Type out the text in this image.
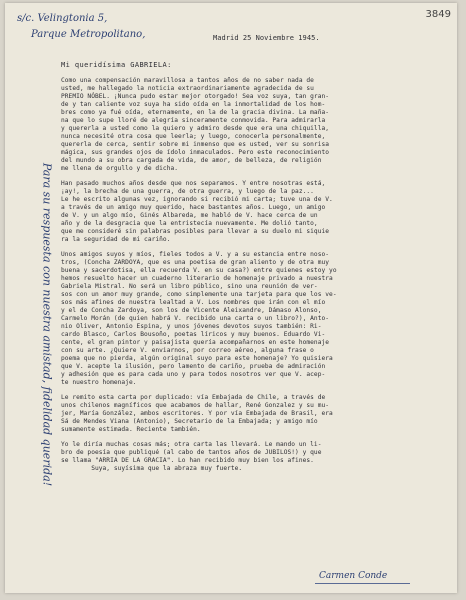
3849
s/c. Velingtonia 5,
Parque Metropolitano,	Madrid 25 Noviembre 1945.
Mi queridísima GABRIELA:
Como una compensación maravillosa a tantos años de no saber nada de
usted, me hallegado la noticia extraordinariamente agradecida de su
PREMIO NÓBEL. ¡Nunca pudo estar mejor otorgado! Sea voz suya, tan gran-
de y tan caliente voz suya ha sido oída en la inmortalidad de los hom-
bres como ya fué oída, eternamente, en la de la gracia divina. La maña-
na que lo supe lloré de alegría sinceramente conmovida. Para admirarla
y quererla a usted como la quiero y admiro desde que era una chiquilla,
nunca necesité otra cosa que leerla; y luego, conocerla personalmente,
quererla de cerca, sentir sobre mi inmenso que es usted, ver su sonrisa
mágica, sus grandes ojos de ídolo inmaculados. Pero este reconocimiento
del mundo a su obra cargada de vida, de amor, de belleza, de religión
me llena de orgullo y de dicha.
Han pasado muchos años desde que nos separamos. Y entre nosotras está,
¡ay!, la brecha de una guerra, de otra guerra, y luego de la paz...
Le he escrito algunas vez, ignorando si recibió mi carta; tuve una de V.
a través de un amigo muy querido, hace bastantes años. Luego, un amigo
de V. y un algo mío, Ginés Albareda, me habló de V. hace cerca de un
año y de la desgracia que la entristecía nuevamente. Me dolió tanto,
que me consideré sin palabras posibles para llevar a su duelo mi siquie
ra la seguridad de mi cariño.
Unos amigos suyos y míos, fieles todos a V. y a su estancia entre noso-
tros, (Concha ZARDOYA, que es una poetisa de gran aliento y de otra muy
buena y sacerdotisa, ella recuerda V. en su casa?) entre quienes estoy yo
hemos resuelto hacer un cuaderno literario de homenaje privado a nuestra
Gabriela Mistral. No será un libro público, sino una reunión de ver-
sos con un amor muy grande, como simplemente una tarjeta para que los ve-
sos más afines de nuestra lealtad a V. Los nombres que irán con el mío
y el de Concha Zardoya, son los de Vicente Aleixandre, Dámaso Alonso,
Carmelo Morán (de quien habrá V. recibido una carta o un libro?), Anto-
nio Oliver, Antonio Espina, y unos jóvenes devotos suyos también: Ri-
cardo Blasco, Carlos Bousoño, poetas líricos y muy buenos. Eduardo Vi-
cente, el gran pintor y paisajista quería acompañarnos en este homenaje
con su arte. ¿Quiere V. enviarnos, por correo aéreo, alguna frase o
poema que no pierda, algún original suyo para este homenaje? Yo quisiera
que V. acepte la ilusión, pero lamento de cariño, prueba de admiración
y adhesión que es para cada uno y para todos nosotros ver que V. acep-
te nuestro homenaje.
Le remito esta carta por duplicado: vía Embajada de Chile, a través de
unos chilenos magníficos que acabamos de hallar, René Gonzalez y su mu-
jer, María González, ambos escritores. Y por vía Embajada de Brasil, era
Sá de Mendes Viana (Antonio), Secretario de la Embajada; y amigo mío
sumamente estimada. Reciente también.
Yo le diría muchas cosas más; otra carta las llevará. Le mando un li-
bro de poesía que publiqué (al cabo de tantos años de JUBILOS!) y que
se llama "ARRIA DE LA GRACIA". Lo han recibido muy bien los afines.
Suya, suyísima que la abraza muy fuerte.
Para su respuesta con nuestra amistad, fidelidad querida!
Carmen Conde
